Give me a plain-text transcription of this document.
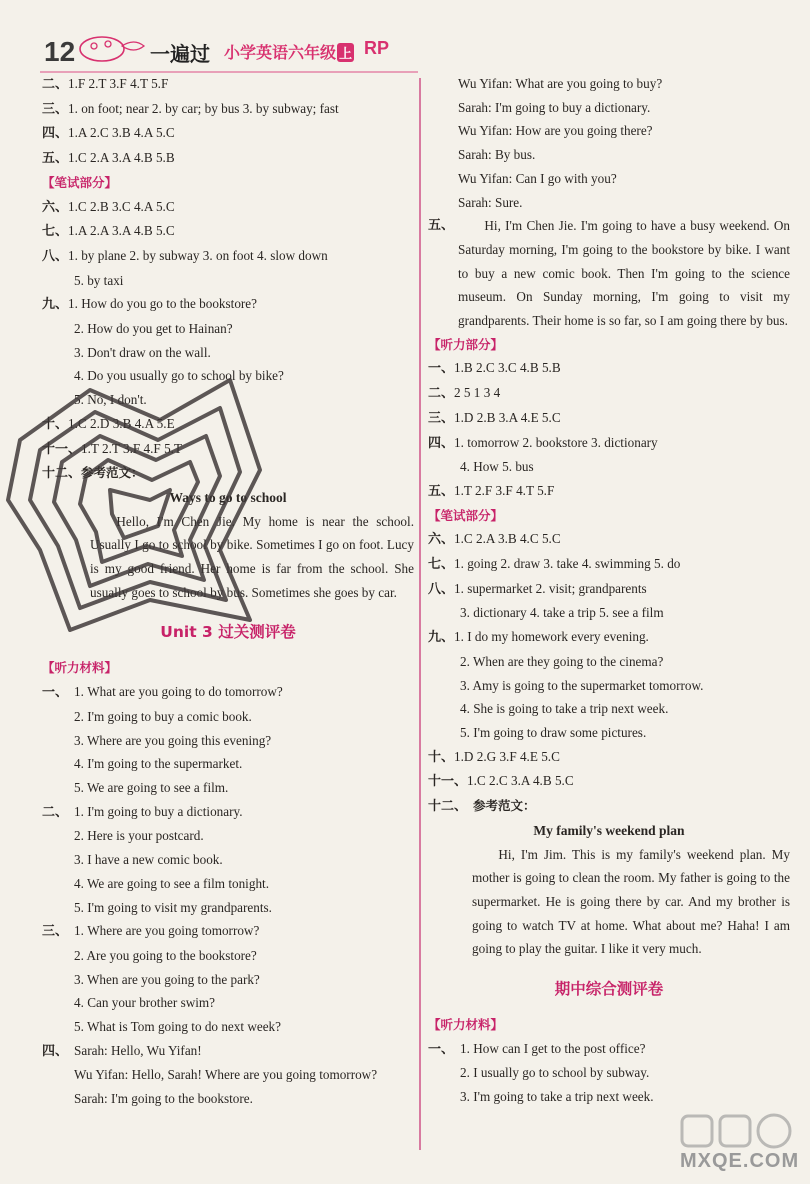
12	一遍过 小学英语六年级 上 RP
二、1.F 2.T 3.F 4.T 5.F
三、1. on foot; near 2. by car; by bus 3. by subway; fast
四、1.A 2.C 3.B 4.A 5.C
五、1.C 2.A 3.A 4.B 5.B
【笔试部分】
六、1.C 2.B 3.C 4.A 5.C
七、1.A 2.A 3.A 4.B 5.C
八、1. by plane 2. by subway 3. on foot 4. slow down
5. by taxi
九、1. How do you go to the bookstore?
2. How do you get to Hainan?
3. Don't draw on the wall.
4. Do you usually go to school by bike?
5. No, I don't.
十、1.C 2.D 3.B 4.A 5.E
十一、1.T 2.T 3.F 4.F 5.T
十二、参考范文：
Ways to go to school
Hello, I'm Chen Jie. My home is near the school. Usually I go to school by bike. Sometimes I go on foot. Lucy is my good friend. Her home is far from the school. She usually goes to school by bus. Sometimes she goes by car.
Unit 3 过关测评卷
【听力材料】
一、 1. What are you going to do tomorrow?
2. I'm going to buy a comic book.
3. Where are you going this evening?
4. I'm going to the supermarket.
5. We are going to see a film.
二、 1. I'm going to buy a dictionary.
2. Here is your postcard.
3. I have a new comic book.
4. We are going to see a film tonight.
5. I'm going to visit my grandparents.
三、 1. Where are you going tomorrow?
2. Are you going to the bookstore?
3. When are you going to the park?
4. Can your brother swim?
5. What is Tom going to do next week?
四、 Sarah: Hello, Wu Yifan!
Wu Yifan: Hello, Sarah! Where are you going tomorrow?
Sarah: I'm going to the bookstore.
Wu Yifan: What are you going to buy?
Sarah: I'm going to buy a dictionary.
Wu Yifan: How are you going there?
Sarah: By bus.
Wu Yifan: Can I go with you?
Sarah: Sure.
五、	Hi, I'm Chen Jie. I'm going to have a busy weekend. On Saturday morning, I'm going to the bookstore by bike. I want to buy a new comic book. Then I'm going to the science museum. On Sunday morning, I'm going to visit my grandparents. Their home is so far, so I am going there by bus.
【听力部分】
一、1.B 2.C 3.C 4.B 5.B
二、2 5 1 3 4
三、1.D 2.B 3.A 4.E 5.C
四、1. tomorrow 2. bookstore 3. dictionary
4. How 5. bus
五、1.T 2.F 3.F 4.T 5.F
【笔试部分】
六、1.C 2.A 3.B 4.C 5.C
七、1. going 2. draw 3. take 4. swimming 5. do
八、1. supermarket 2. visit; grandparents
3. dictionary 4. take a trip 5. see a film
九、1. I do my homework every evening.
2. When are they going to the cinema?
3. Amy is going to the supermarket tomorrow.
4. She is going to take a trip next week.
5. I'm going to draw some pictures.
十、1.D 2.G 3.F 4.E 5.C
十一、1.C 2.C 3.A 4.B 5.C
十二、 参考范文：
My family's weekend plan
Hi, I'm Jim. This is my family's weekend plan. My mother is going to clean the room. My father is going to the supermarket. He is going there by car. And my brother is going to watch TV at home. What about me? Haha! I am going to play the guitar. I like it very much.
期中综合测评卷
【听力材料】
一、 1. How can I get to the post office?
2. I usually go to school by subway.
3. I'm going to take a trip next week.
MXQE.COM
